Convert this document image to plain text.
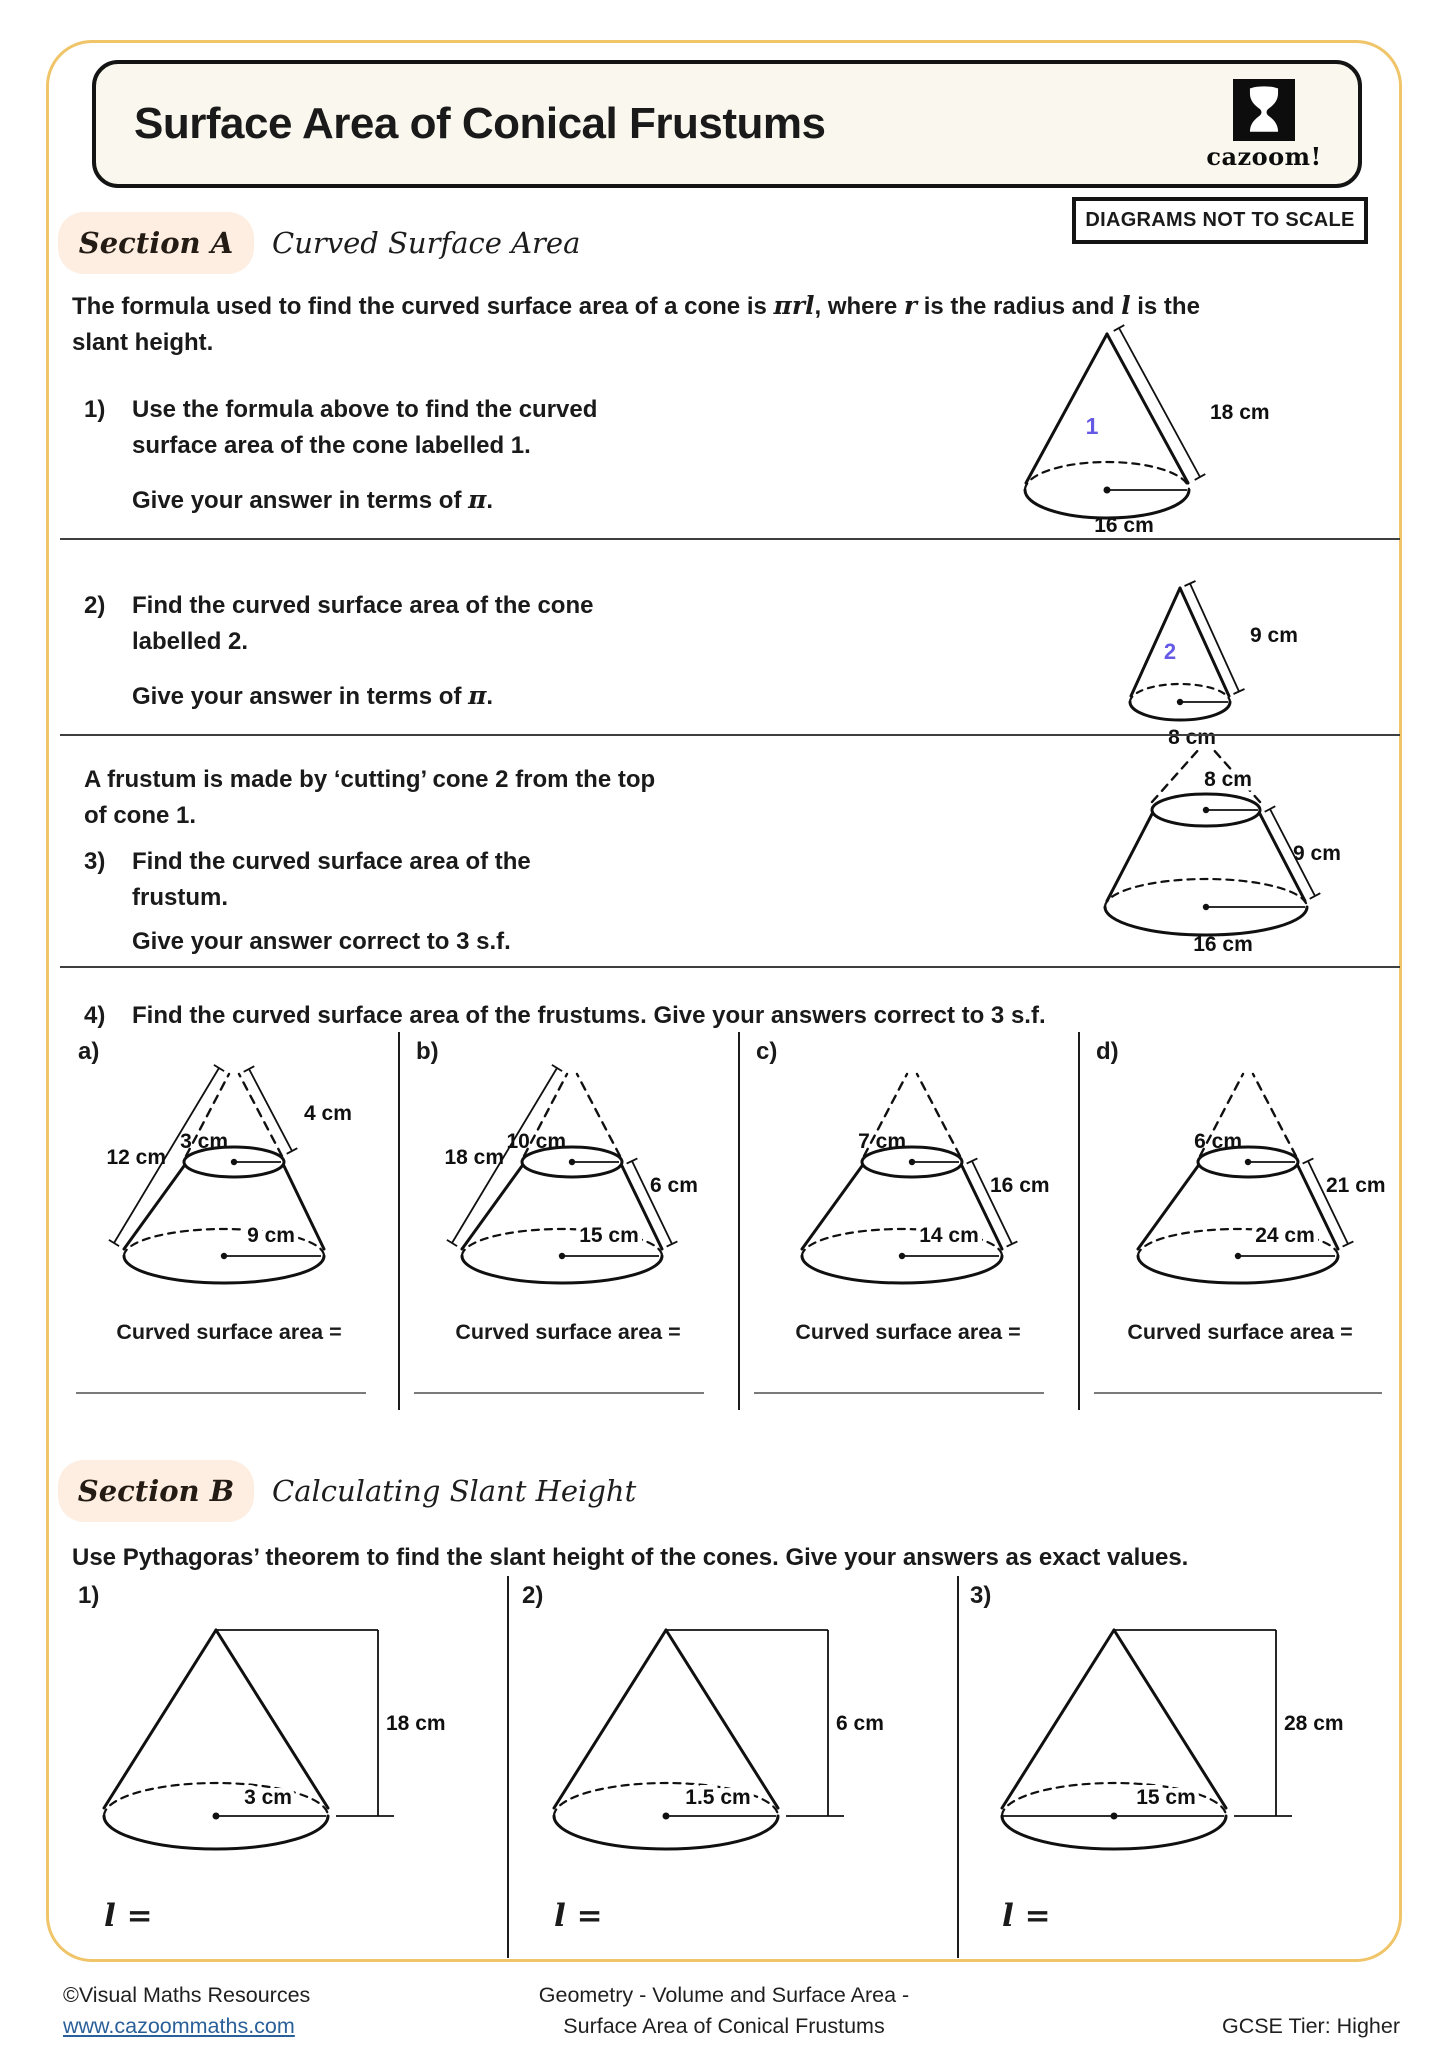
Surface Area of Conical Frustums
cazoom!
DIAGRAMS NOT TO SCALE
Section A Curved Surface Area
The formula used to find the curved surface area of a cone is πrl, where r is the radius and l is the
slant height.
1)	Use the formula above to find the curved surface area of the cone labelled 1.
Give your answer in terms of π.
1
18 cm
16 cm
2)	Find the curved surface area of the cone labelled 2.
Give your answer in terms of π.
2
9 cm
8 cm
A frustum is made by ‘cutting’ cone 2 from the top of cone 1.
3)	Find the curved surface area of the frustum.
Give your answer correct to 3 s.f.
8 cm
9 cm
16 cm
4)	Find the curved surface area of the frustums. Give your answers correct to 3 s.f.
a)	b)	c)	d)
12 cm
4 cm
3 cm
9 cm
18 cm
6 cm
10 cm
15 cm
16 cm
7 cm
14 cm
21 cm
6 cm
24 cm
Curved surface area =	Curved surface area =	Curved surface area =	Curved surface area =
Section B Calculating Slant Height
Use Pythagoras’ theorem to find the slant height of the cones. Give your answers as exact values.
1)	2)	3)
18 cm
3 cm
6 cm
1.5 cm
28 cm
15 cm
l =	l =	l =
©Visual Maths Resources
www.cazoommaths.com
Geometry - Volume and Surface Area -
Surface Area of Conical Frustums	GCSE Tier: Higher
